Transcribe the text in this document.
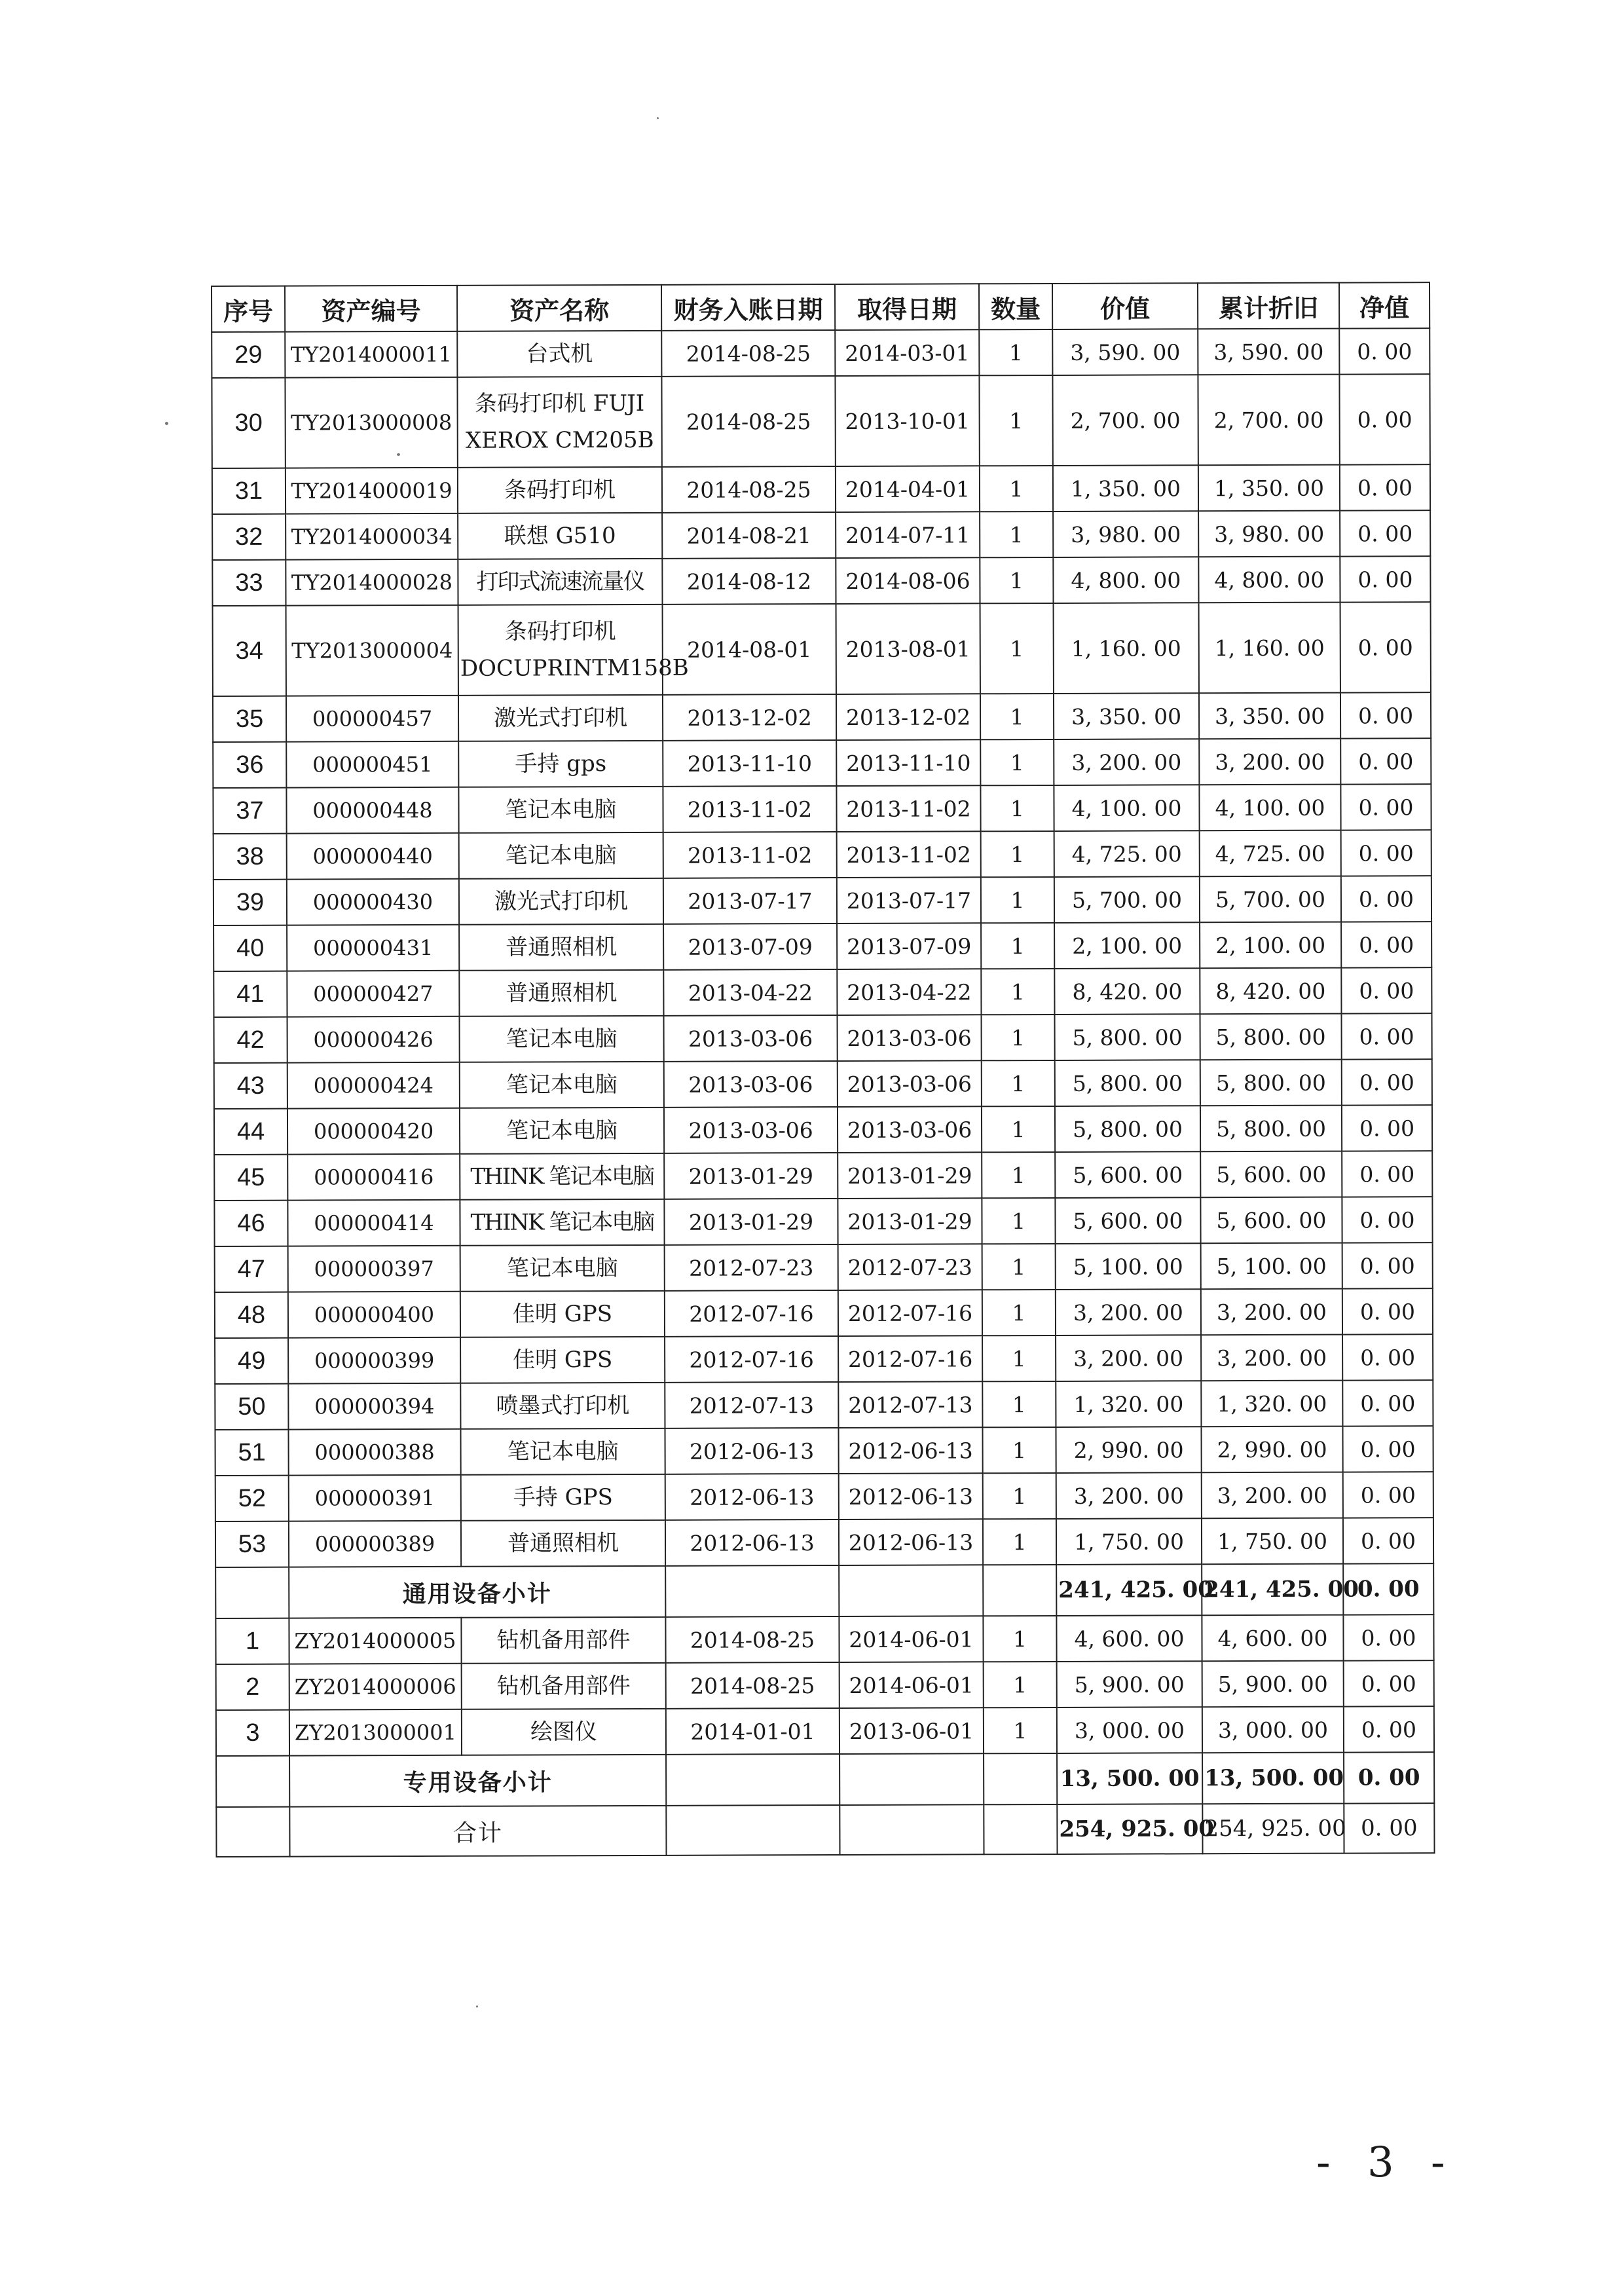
序号	资产编号	资产名称	财务入账日期	取得日期	数量	价值	累计折旧	净值
29	TY2014000011	台式机	2014-08-25	2014-03-01	1	3, 590. 00	3, 590. 00	0. 00
30	TY2013000008	条码打印机 FUJI XEROX CM205B	2014-08-25	2013-10-01	1	2, 700. 00	2, 700. 00	0. 00
31	TY2014000019	条码打印机	2014-08-25	2014-04-01	1	1, 350. 00	1, 350. 00	0. 00
32	TY2014000034	联想 G510	2014-08-21	2014-07-11	1	3, 980. 00	3, 980. 00	0. 00
33	TY2014000028	打印式流速流量仪	2014-08-12	2014-08-06	1	4, 800. 00	4, 800. 00	0. 00
34	TY2013000004	条码打印机 DOCUPRINTM158B	2014-08-01	2013-08-01	1	1, 160. 00	1, 160. 00	0. 00
35	000000457	激光式打印机	2013-12-02	2013-12-02	1	3, 350. 00	3, 350. 00	0. 00
36	000000451	手持 gps	2013-11-10	2013-11-10	1	3, 200. 00	3, 200. 00	0. 00
37	000000448	笔记本电脑	2013-11-02	2013-11-02	1	4, 100. 00	4, 100. 00	0. 00
38	000000440	笔记本电脑	2013-11-02	2013-11-02	1	4, 725. 00	4, 725. 00	0. 00
39	000000430	激光式打印机	2013-07-17	2013-07-17	1	5, 700. 00	5, 700. 00	0. 00
40	000000431	普通照相机	2013-07-09	2013-07-09	1	2, 100. 00	2, 100. 00	0. 00
41	000000427	普通照相机	2013-04-22	2013-04-22	1	8, 420. 00	8, 420. 00	0. 00
42	000000426	笔记本电脑	2013-03-06	2013-03-06	1	5, 800. 00	5, 800. 00	0. 00
43	000000424	笔记本电脑	2013-03-06	2013-03-06	1	5, 800. 00	5, 800. 00	0. 00
44	000000420	笔记本电脑	2013-03-06	2013-03-06	1	5, 800. 00	5, 800. 00	0. 00
45	000000416	THINK 笔记本电脑	2013-01-29	2013-01-29	1	5, 600. 00	5, 600. 00	0. 00
46	000000414	THINK 笔记本电脑	2013-01-29	2013-01-29	1	5, 600. 00	5, 600. 00	0. 00
47	000000397	笔记本电脑	2012-07-23	2012-07-23	1	5, 100. 00	5, 100. 00	0. 00
48	000000400	佳明 GPS	2012-07-16	2012-07-16	1	3, 200. 00	3, 200. 00	0. 00
49	000000399	佳明 GPS	2012-07-16	2012-07-16	1	3, 200. 00	3, 200. 00	0. 00
50	000000394	喷墨式打印机	2012-07-13	2012-07-13	1	1, 320. 00	1, 320. 00	0. 00
51	000000388	笔记本电脑	2012-06-13	2012-06-13	1	2, 990. 00	2, 990. 00	0. 00
52	000000391	手持 GPS	2012-06-13	2012-06-13	1	3, 200. 00	3, 200. 00	0. 00
53	000000389	普通照相机	2012-06-13	2012-06-13	1	1, 750. 00	1, 750. 00	0. 00
	通用设备小计					241, 425. 00	241, 425. 00	0. 00
1	ZY2014000005	钻机备用部件	2014-08-25	2014-06-01	1	4, 600. 00	4, 600. 00	0. 00
2	ZY2014000006	钻机备用部件	2014-08-25	2014-06-01	1	5, 900. 00	5, 900. 00	0. 00
3	ZY2013000001	绘图仪	2014-01-01	2013-06-01	1	3, 000. 00	3, 000. 00	0. 00
	专用设备小计					13, 500. 00	13, 500. 00	0. 00
	合计					254, 925. 00	254, 925. 00	0. 00
- 3 -
